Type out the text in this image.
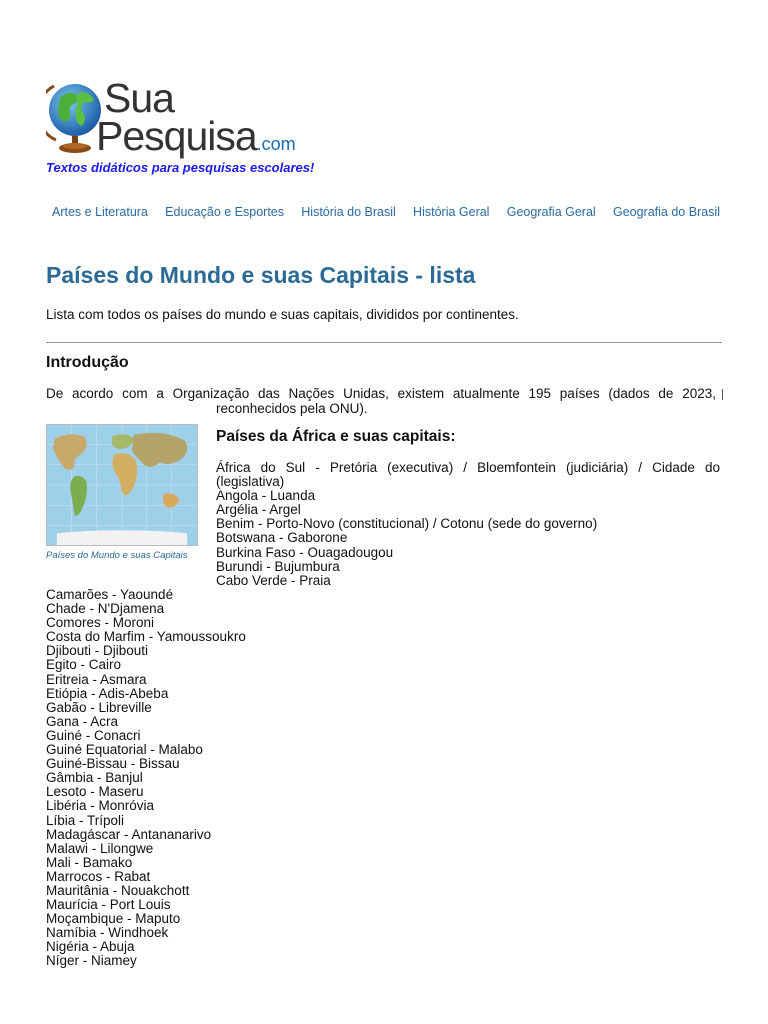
Sua
Pesquisa.com
Textos didáticos para pesquisas escolares!
Artes e Literatura Educação e Esportes História do Brasil História Geral Geografia Geral Geografia do Brasil
Países do Mundo e suas Capitais - lista

Lista com todos os países do mundo e suas capitais, divididos por continentes.

Introdução
De acordo com a Organização das Nações Unidas, existem atualmente 195 países (dados de 2023,
reconhecidos pela ONU).
Países do Mundo e suas Capitais
Países da África e suas capitais:
África do Sul - Pretória (executiva) / Bloemfontein (judiciária) / Cidade do
(legislativa)
Angola - Luanda
Argélia - Argel
Benim - Porto-Novo (constitucional) / Cotonu (sede do governo)
Botswana - Gaborone
Burkina Faso - Ouagadougou
Burundi - Bujumbura
Cabo Verde - Praia
Camarões - Yaoundé
Chade - N'Djamena
Comores - Moroni
Costa do Marfim - Yamoussoukro
Djibouti - Djibouti
Egito - Cairo
Eritreia - Asmara
Etiópia - Adis-Abeba
Gabão - Libreville
Gana - Acra
Guiné - Conacri
Guiné Equatorial - Malabo
Guiné-Bissau - Bissau
Gâmbia - Banjul
Lesoto - Maseru
Libéria - Monróvia
Líbia - Trípoli
Madagáscar - Antananarivo
Malawi - Lilongwe
Mali - Bamako
Marrocos - Rabat
Mauritânia - Nouakchott
Maurícia - Port Louis
Moçambique - Maputo
Namíbia - Windhoek
Nigéria - Abuja
Níger - Niamey
